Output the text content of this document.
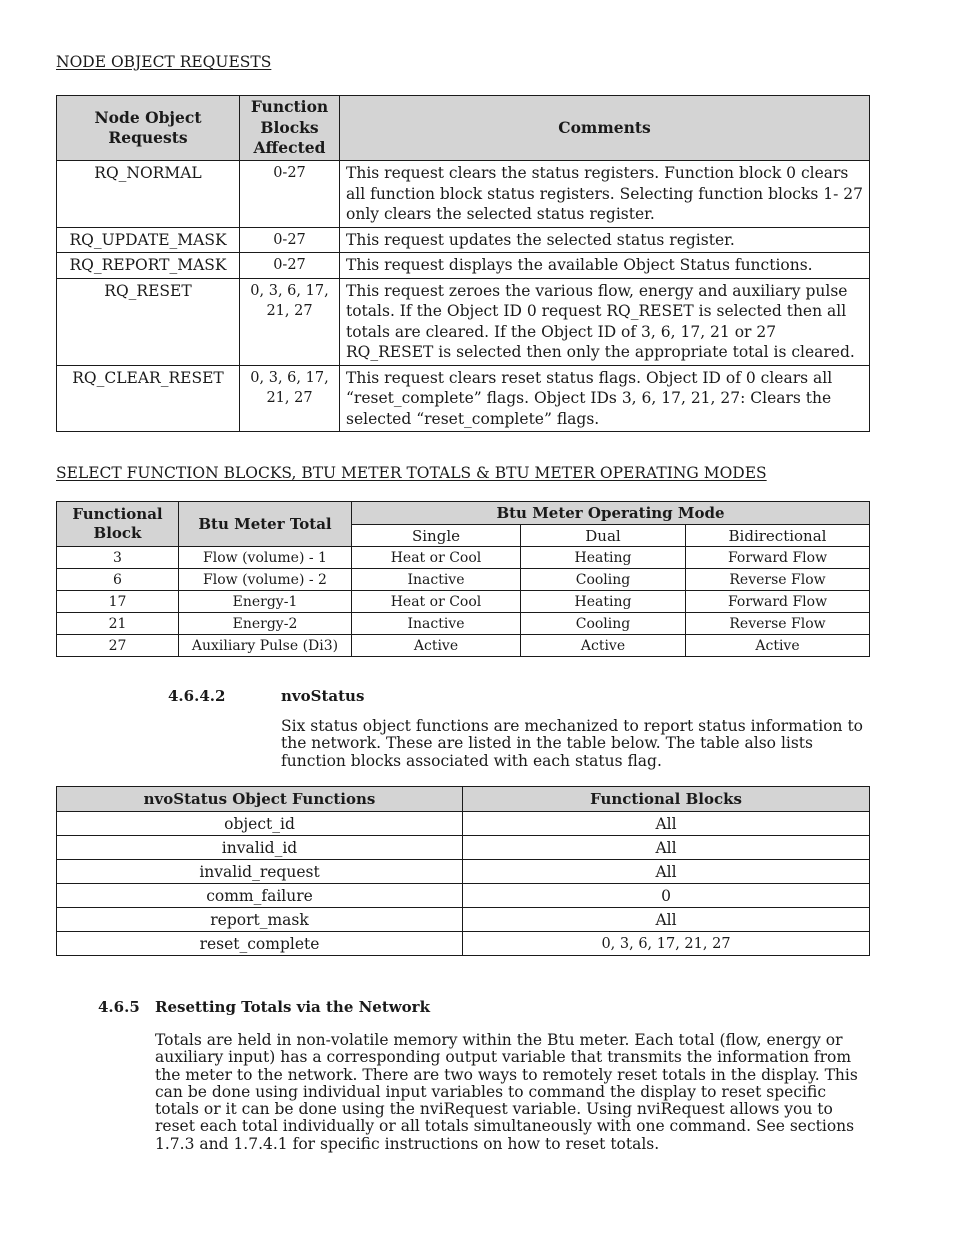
NODE OBJECT REQUESTS
Node Object Requests	Function Blocks Affected	Comments
RQ_NORMAL	0-27	This request clears the status registers. Function block 0 clears all function block status registers. Selecting function blocks 1- 27 only clears the selected status register.
RQ_UPDATE_MASK	0-27	This request updates the selected status register.
RQ_REPORT_MASK	0-27	This request displays the available Object Status functions.
RQ_RESET	0, 3, 6, 17, 21, 27	This request zeroes the various flow, energy and auxiliary pulse totals. If the Object ID 0 request RQ_RESET is selected then all totals are cleared. If the Object ID of 3, 6, 17, 21 or 27 RQ_RESET is selected then only the appropriate total is cleared.
RQ_CLEAR_RESET	0, 3, 6, 17, 21, 27	This request clears reset status flags. Object ID of 0 clears all “reset_complete” flags. Object IDs 3, 6, 17, 21, 27: Clears the selected “reset_complete” flags.
SELECT FUNCTION BLOCKS, BTU METER TOTALS & BTU METER OPERATING MODES
Functional Block	Btu Meter Total	Btu Meter Operating Mode		
		Single	Dual	Bidirectional
3	Flow (volume) - 1	Heat or Cool	Heating	Forward Flow
6	Flow (volume) - 2	Inactive	Cooling	Reverse Flow
17	Energy-1	Heat or Cool	Heating	Forward Flow
21	Energy-2	Inactive	Cooling	Reverse Flow
27	Auxiliary Pulse (Di3)	Active	Active	Active
4.6.4.2	nvoStatus
Six status object functions are mechanized to report status information to the network. These are listed in the table below. The table also lists function blocks associated with each status flag.
nvoStatus Object Functions	Functional Blocks
object_id	All
invalid_id	All
invalid_request	All
comm_failure	0
report_mask	All
reset_complete	0, 3, 6, 17, 21, 27
4.6.5 Resetting Totals via the Network
Totals are held in non-volatile memory within the Btu meter. Each total (flow, energy or auxiliary input) has a corresponding output variable that transmits the information from the meter to the network. There are two ways to remotely reset totals in the display. This can be done using individual input variables to command the display to reset specific totals or it can be done using the nviRequest variable. Using nviRequest allows you to reset each total individually or all totals simultaneously with one command. See sections 1.7.3 and 1.7.4.1 for specific instructions on how to reset totals.
